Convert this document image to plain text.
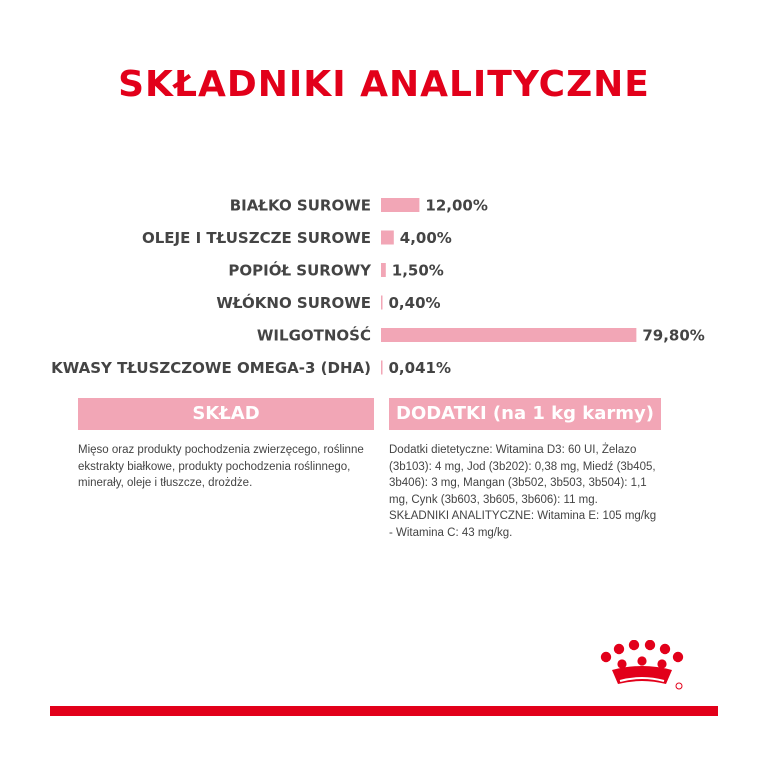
SKŁADNIKI ANALITYCZNE
BIAŁKO SUROWE	12,00%
OLEJE I TŁUSZCZE SUROWE 4,00%
POPIÓŁ SUROWY 1,50%
WŁÓKNO SUROWE 0,40%
WILGOTNOŚĆ	79,80%
KWASY TŁUSZCZOWE OMEGA-3 (DHA) 0,041%
SKŁAD	DODATKI (na 1 kg karmy)
Mięso oraz produkty pochodzenia zwierzęcego, roślinne ekstrakty białkowe, produkty pochodzenia roślinnego, minerały, oleje i tłuszcze, drożdże.
Dodatki dietetyczne: Witamina D3: 60 UI, Żelazo (3b103): 4 mg, Jod (3b202): 0,38 mg, Miedź (3b405, 3b406): 3 mg, Mangan (3b502, 3b503, 3b504): 1,1 mg, Cynk (3b603, 3b605, 3b606): 11 mg.
SKŁADNIKI ANALITYCZNE: Witamina E: 105 mg/kg - Witamina C: 43 mg/kg.
